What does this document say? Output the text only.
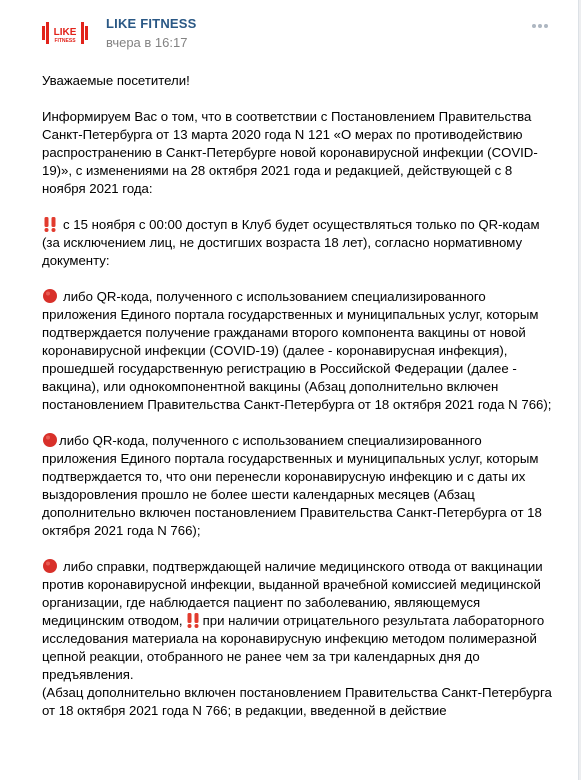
LIKE
FITNESS
LIKE FITNESS
вчера в 16:17

Уважаемые посетители!

Информируем Вас о том, что в соответствии с Постановлением Правительства Санкт-Петербурга от 13 марта 2020 года N 121 «О мерах по противодействию распространению в Санкт-Петербурге новой коронавирусной инфекции (COVID-19)», с изменениями на 28 октября 2021 года и редакцией, действующей с 8 ноября 2021 года:

с 15 ноября с 00:00 доступ в Клуб будет осуществляться только по QR-кодам (за исключением лиц, не достигших возраста 18 лет), согласно нормативному документу:

либо QR-кода, полученного с использованием специализированного приложения Единого портала государственных и муниципальных услуг, которым подтверждается получение гражданами второго компонента вакцины от новой коронавирусной инфекции (COVID-19) (далее - коронавирусная инфекция), прошедшей государственную регистрацию в Российской Федерации (далее - вакцина), или однокомпонентной вакцины (Абзац дополнительно включен постановлением Правительства Санкт-Петербурга от 18 октября 2021 года N 766);

либо QR-кода, полученного с использованием специализированного приложения Единого портала государственных и муниципальных услуг, которым подтверждается то, что они перенесли коронавирусную инфекцию и с даты их выздоровления прошло не более шести календарных месяцев (Абзац дополнительно включен постановлением Правительства Санкт-Петербурга от 18 октября 2021 года N 766);

либо справки, подтверждающей наличие медицинского отвода от вакцинации против коронавирусной инфекции, выданной врачебной комиссией медицинской организации, где наблюдается пациент по заболеванию, являющемуся медицинским отводом, при наличии отрицательного результата лабораторного исследования материала на коронавирусную инфекцию методом полимеразной цепной реакции, отобранного не ранее чем за три календарных дня до предъявления.
(Абзац дополнительно включен постановлением Правительства Санкт-Петербурга от 18 октября 2021 года N 766; в редакции, введенной в действие
